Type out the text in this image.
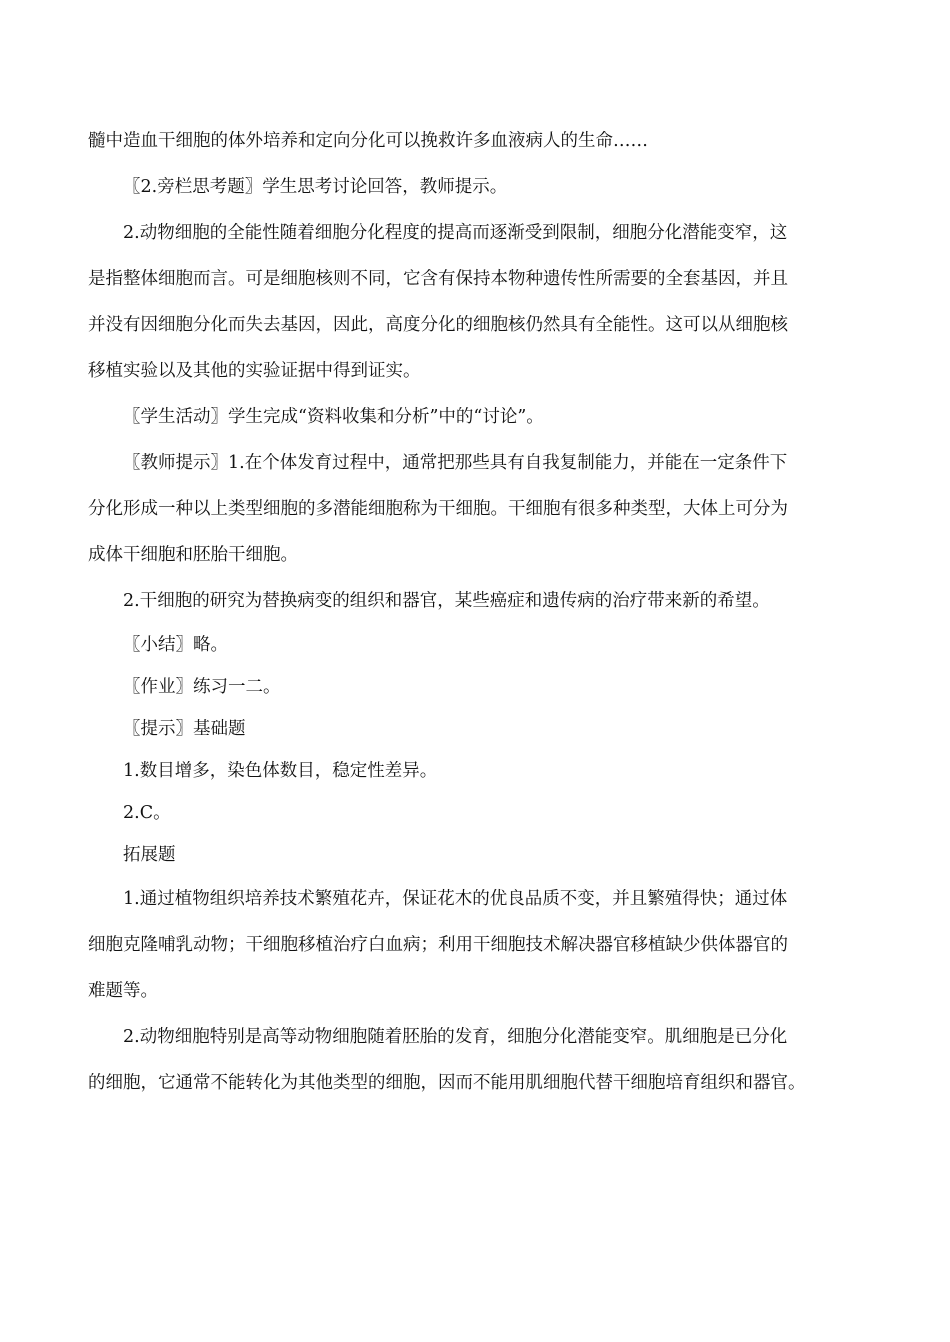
髓中造血干细胞的体外培养和定向分化可以挽救许多血液病人的生命……

〖2.旁栏思考题〗学生思考讨论回答，教师提示。

2.动物细胞的全能性随着细胞分化程度的提高而逐渐受到限制，细胞分化潜能变窄，这

是指整体细胞而言。可是细胞核则不同，它含有保持本物种遗传性所需要的全套基因，并且

并没有因细胞分化而失去基因，因此，高度分化的细胞核仍然具有全能性。这可以从细胞核

移植实验以及其他的实验证据中得到证实。

〖学生活动〗学生完成“资料收集和分析”中的“讨论”。

〖教师提示〗1.在个体发育过程中，通常把那些具有自我复制能力，并能在一定条件下

分化形成一种以上类型细胞的多潜能细胞称为干细胞。干细胞有很多种类型，大体上可分为

成体干细胞和胚胎干细胞。

2.干细胞的研究为替换病变的组织和器官，某些癌症和遗传病的治疗带来新的希望。

〖小结〗略。

〖作业〗练习一二。

〖提示〗基础题

1.数目增多，染色体数目，稳定性差异。

2.C。

拓展题

1.通过植物组织培养技术繁殖花卉，保证花木的优良品质不变，并且繁殖得快；通过体

细胞克隆哺乳动物；干细胞移植治疗白血病；利用干细胞技术解决器官移植缺少供体器官的

难题等。

2.动物细胞特别是高等动物细胞随着胚胎的发育，细胞分化潜能变窄。肌细胞是已分化

的细胞，它通常不能转化为其他类型的细胞，因而不能用肌细胞代替干细胞培育组织和器官。
